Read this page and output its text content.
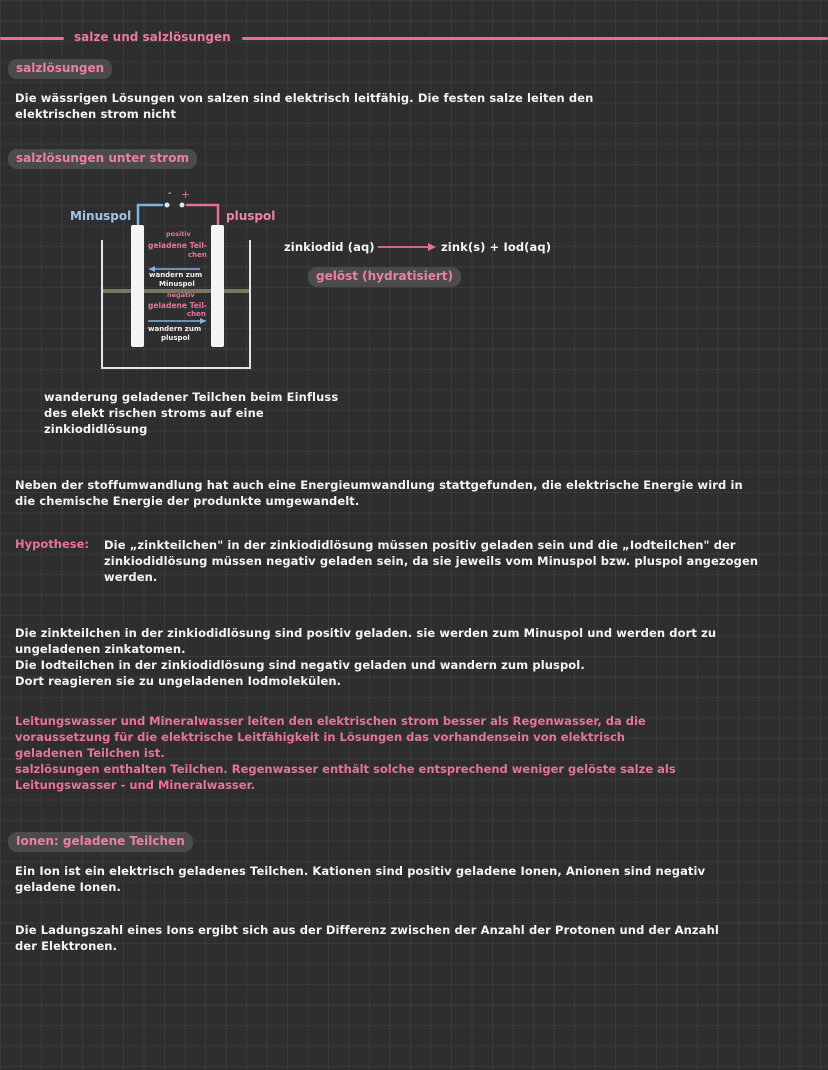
salze und salzlösungen
salzlösungen
Die wässrigen Lösungen von salzen sind elektrisch leitfähig. Die festen salze leiten den
elektrischen strom nicht
salzlösungen unter strom
- +
Minuspol	pluspol
positiv
geladene Teil-
chen
wandern zum
Minuspol
negativ
geladene Teil-
chen
wandern zum
pluspol
zinkiodid (aq) → zink(s) + Iod(aq)
gelöst (hydratisiert)
wanderung geladener Teilchen beim Einfluss
des elekt rischen stroms auf eine
zinkiodidlösung
Neben der stoffumwandlung hat auch eine Energieumwandlung stattgefunden, die elektrische Energie wird in
die chemische Energie der produnkte umgewandelt.
Hypothese: Die „zinkteilchen" in der zinkiodidlösung müssen positiv geladen sein und die „Iodteilchen" der
zinkiodidlösung müssen negativ geladen sein, da sie jeweils vom Minuspol bzw. pluspol angezogen
werden.
Die zinkteilchen in der zinkiodidlösung sind positiv geladen. sie werden zum Minuspol und werden dort zu
ungeladenen zinkatomen.
Die Iodteilchen in der zinkiodidlösung sind negativ geladen und wandern zum pluspol.
Dort reagieren sie zu ungeladenen Iodmolekülen.
Leitungswasser und Mineralwasser leiten den elektrischen strom besser als Regenwasser, da die
voraussetzung für die elektrische Leitfähigkeit in Lösungen das vorhandensein von elektrisch
geladenen Teilchen ist.
salzlösungen enthalten Teilchen. Regenwasser enthält solche entsprechend weniger gelöste salze als
Leitungswasser - und Mineralwasser.
Ionen: geladene Teilchen
Ein Ion ist ein elektrisch geladenes Teilchen. Kationen sind positiv geladene Ionen, Anionen sind negativ
geladene Ionen.
Die Ladungszahl eines Ions ergibt sich aus der Differenz zwischen der Anzahl der Protonen und der Anzahl
der Elektronen.
